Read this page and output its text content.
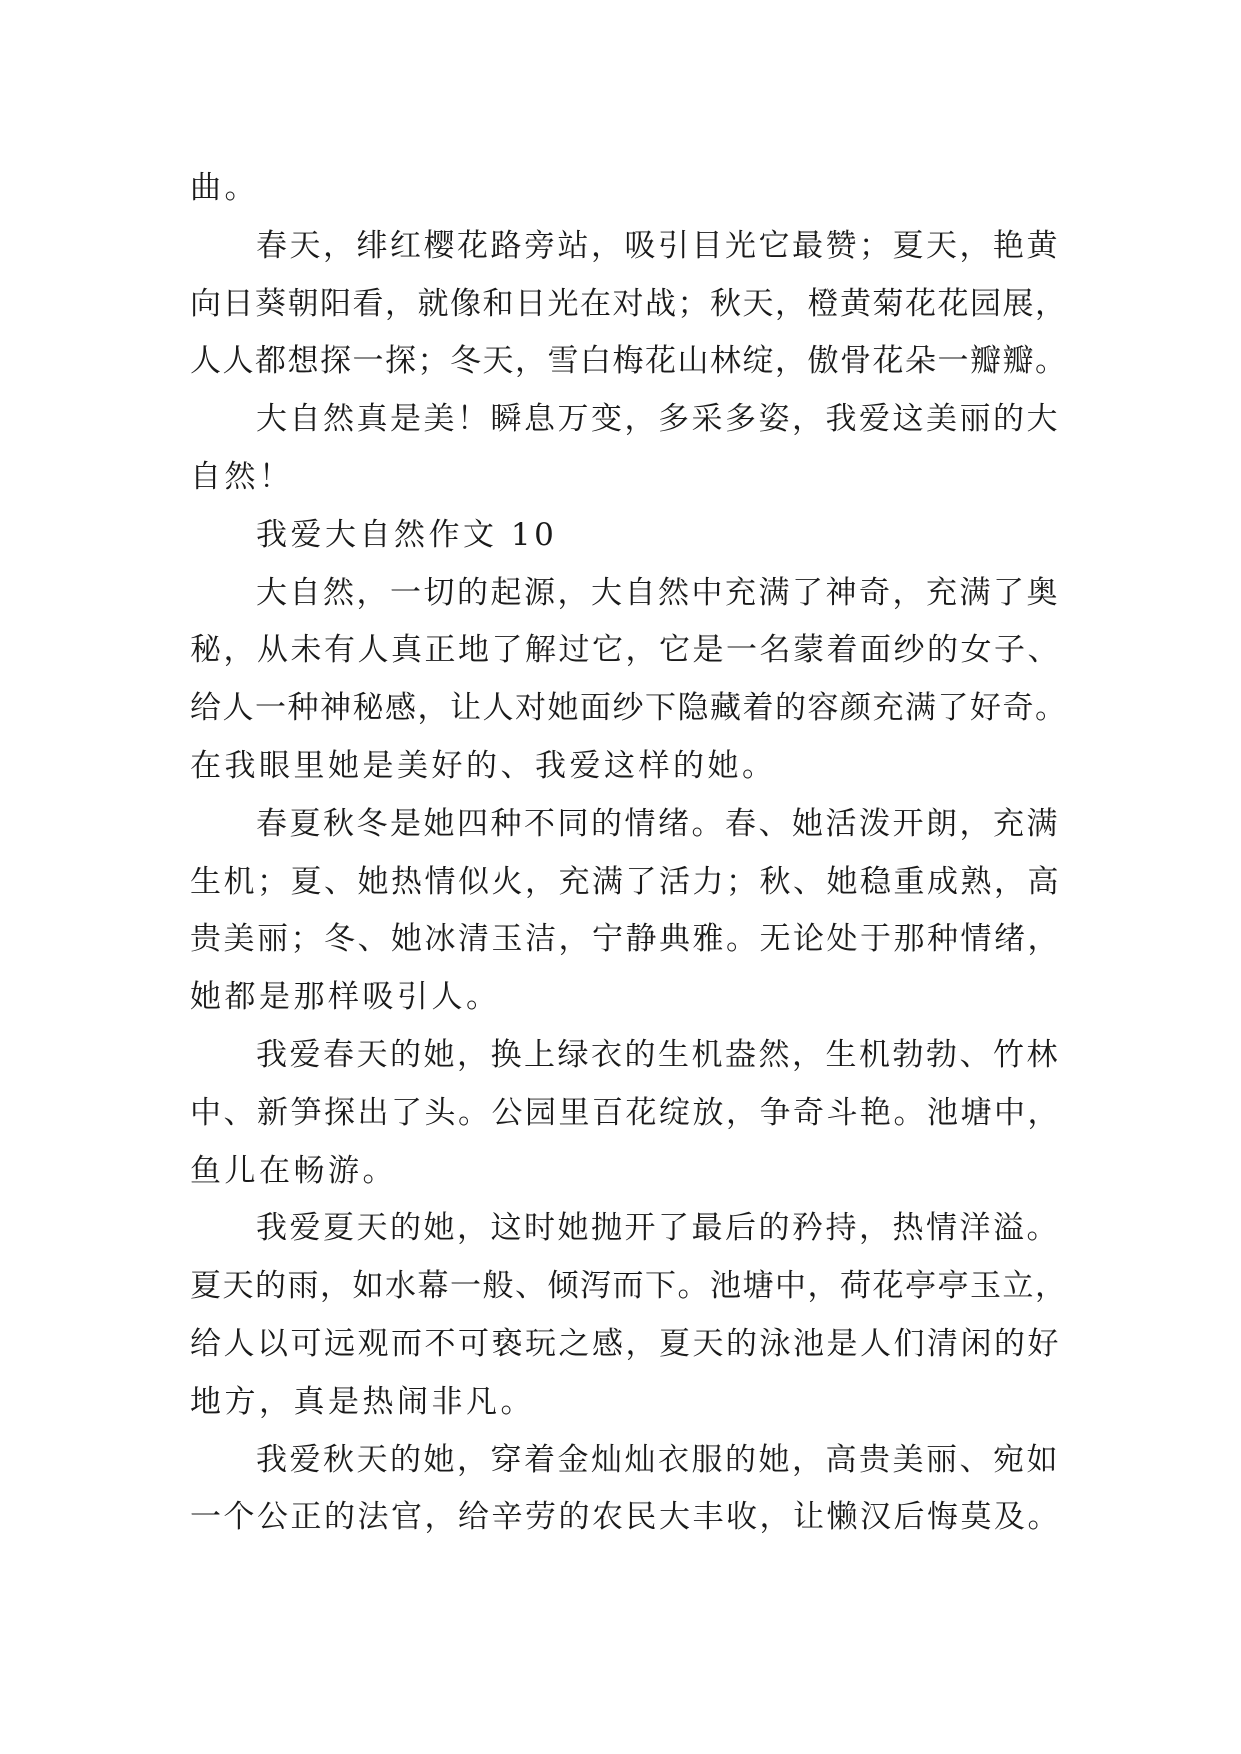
曲。
春天，绯红樱花路旁站，吸引目光它最赞；夏天，艳黄
向日葵朝阳看，就像和日光在对战；秋天，橙黄菊花花园展，
人人都想探一探；冬天，雪白梅花山林绽，傲骨花朵一瓣瓣。
大自然真是美！瞬息万变，多采多姿，我爱这美丽的大
自然！
我爱大自然作文 10
大自然，一切的起源，大自然中充满了神奇，充满了奥
秘，从未有人真正地了解过它，它是一名蒙着面纱的女子、
给人一种神秘感，让人对她面纱下隐藏着的容颜充满了好奇。
在我眼里她是美好的、我爱这样的她。
春夏秋冬是她四种不同的情绪。春、她活泼开朗，充满
生机；夏、她热情似火，充满了活力；秋、她稳重成熟，高
贵美丽；冬、她冰清玉洁，宁静典雅。无论处于那种情绪，
她都是那样吸引人。
我爱春天的她，换上绿衣的生机盎然，生机勃勃、竹林
中、新笋探出了头。公园里百花绽放，争奇斗艳。池塘中，
鱼儿在畅游。
我爱夏天的她，这时她抛开了最后的矜持，热情洋溢。
夏天的雨，如水幕一般、倾泻而下。池塘中，荷花亭亭玉立，
给人以可远观而不可亵玩之感，夏天的泳池是人们清闲的好
地方，真是热闹非凡。
我爱秋天的她，穿着金灿灿衣服的她，高贵美丽、宛如
一个公正的法官，给辛劳的农民大丰收，让懒汉后悔莫及。
